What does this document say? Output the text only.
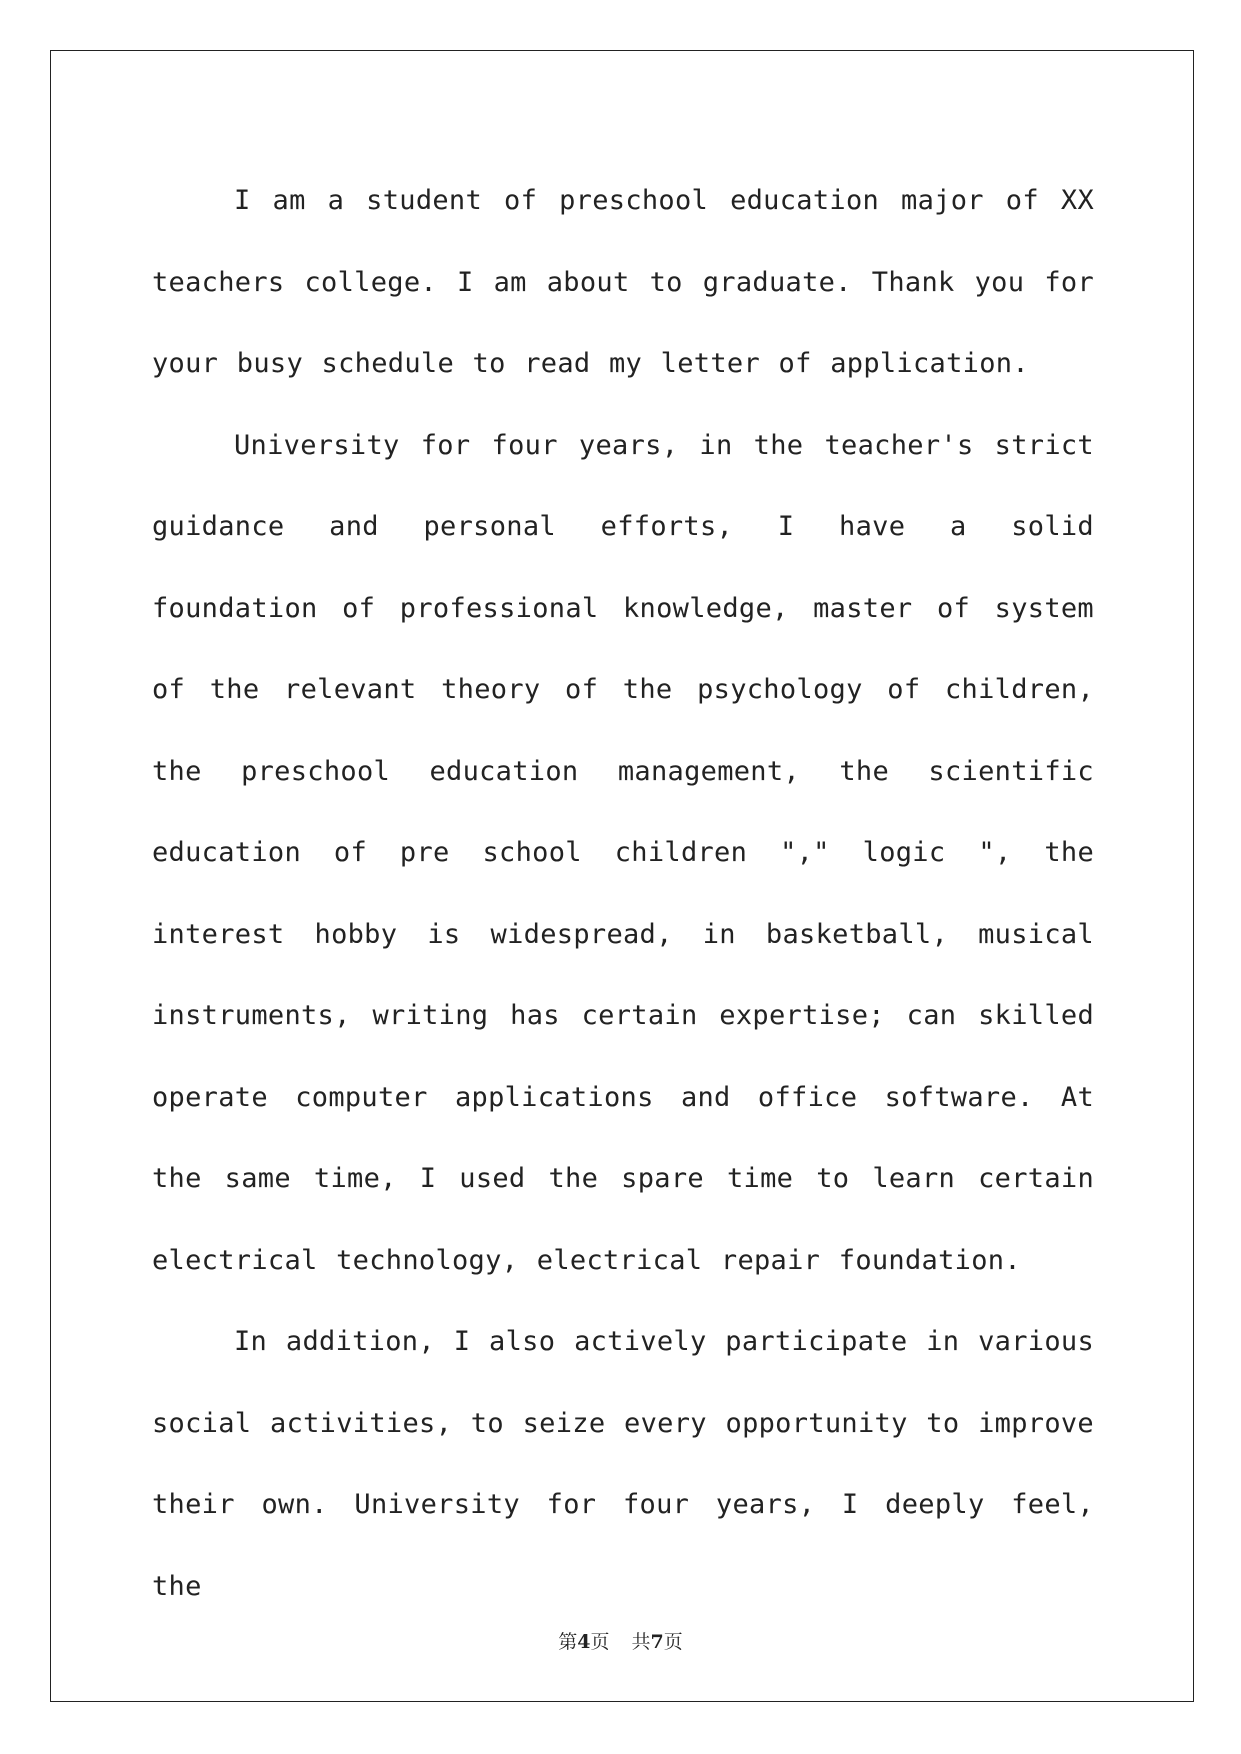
I am a student of preschool education major of XX teachers college. I am about to graduate. Thank you for your busy schedule to read my letter of application.

University for four years, in the teacher's strict guidance and personal efforts, I have a solid foundation of professional knowledge, master of system of the relevant theory of the psychology of children, the preschool education management, the scientific education of pre school children "," logic ", the interest hobby is widespread, in basketball, musical instruments, writing has certain expertise; can skilled operate computer applications and office software. At the same time, I used the spare time to learn certain electrical technology, electrical repair foundation.

In addition, I also actively participate in various social activities, to seize every opportunity to improve their own. University for four years, I deeply feel, the

第4页 共7页
